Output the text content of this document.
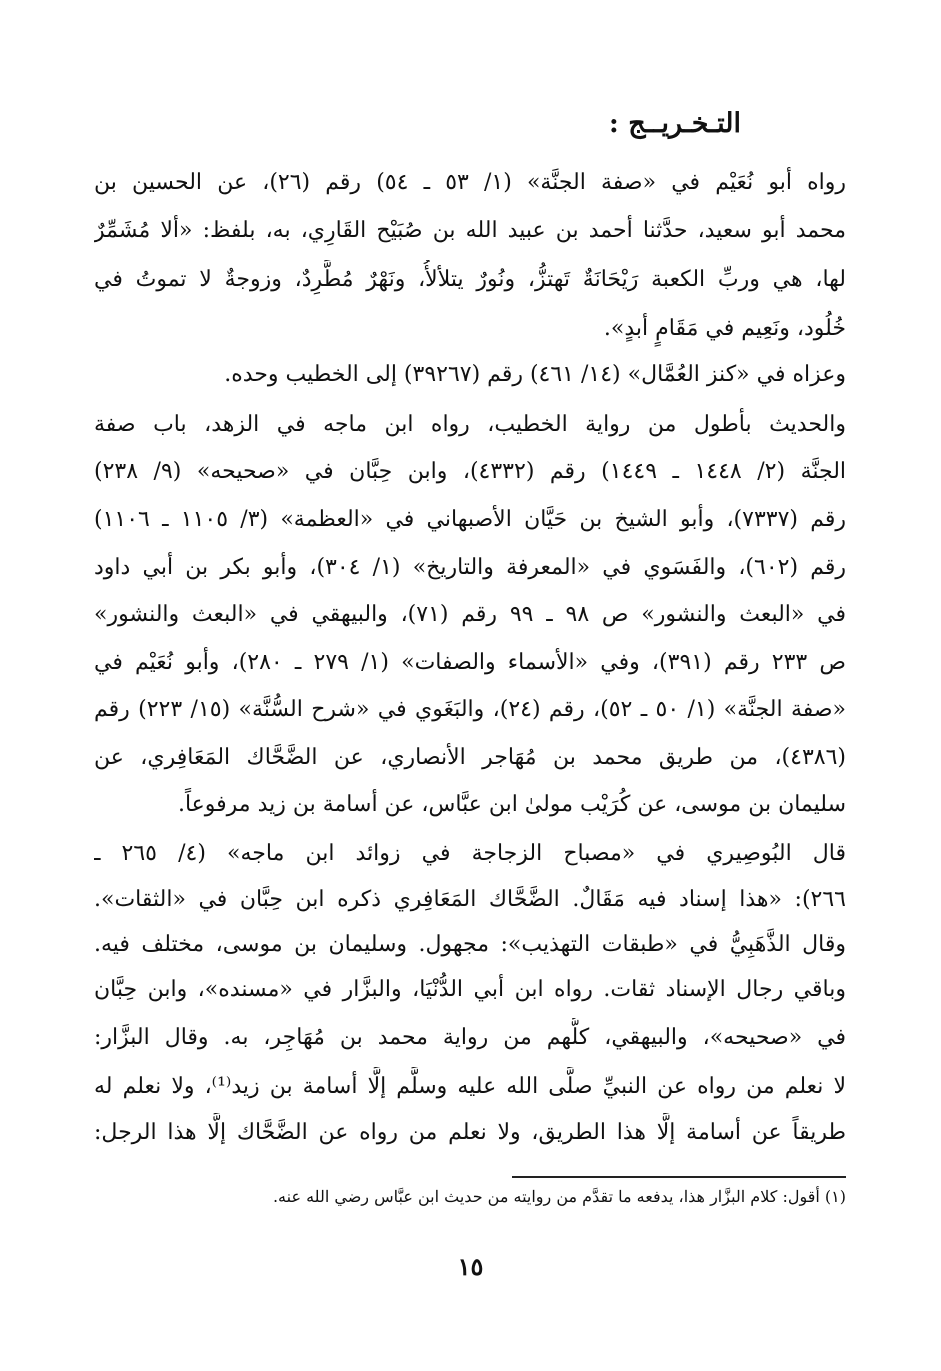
التـخـريــج :
رواه أبو نُعَيْم في «صفة الجنَّة» (١/ ٥٣ ـ ٥٤) رقم (٢٦)، عن الحسين بن
محمد أبو سعيد، حدَّثنا أحمد بن عبيد الله بن صُبَيْح القَارِي، به، بلفظ: «ألا مُشَمِّرٌ
لها، هي وربِّ الكعبة رَيْحَانَةٌ تَهتزُّ، ونُورٌ يتلألأُ، ونَهْرٌ مُطَّرِدٌ، وزوجةٌ لا تموتُ في
خُلُود، ونَعِيم في مَقَامٍ أبدٍ».
وعزاه في «كنز العُمَّال» (١٤/ ٤٦١) رقم (٣٩٢٦٧) إلى الخطيب وحده.
والحديث بأطول من رواية الخطيب، رواه ابن ماجه في الزهد، باب صفة
الجنَّة (٢/ ١٤٤٨ ـ ١٤٤٩) رقم (٤٣٣٢)، وابن حِبَّان في «صحيحه» (٩/ ٢٣٨)
رقم (٧٣٣٧)، وأبو الشيخ بن حَيَّان الأصبهاني في «العظمة» (٣/ ١١٠٥ ـ ١١٠٦)
رقم (٦٠٢)، والفَسَوي في «المعرفة والتاريخ» (١/ ٣٠٤)، وأبو بكر بن أبي داود
في «البعث والنشور» ص ٩٨ ـ ٩٩ رقم (٧١)، والبيهقي في «البعث والنشور»
ص ٢٣٣ رقم (٣٩١)، وفي «الأسماء والصفات» (١/ ٢٧٩ ـ ٢٨٠)، وأبو نُعَيْم في
«صفة الجنَّة» (١/ ٥٠ ـ ٥٢)، رقم (٢٤)، والبَغَوي في «شرح السُّنَّة» (١٥/ ٢٢٣) رقم
(٤٣٨٦)، من طريق محمد بن مُهَاجر الأنصاري، عن الضَّحَّاك المَعَافِري، عن
سليمان بن موسى، عن كُرَيْب مولىٰ ابن عبَّاس، عن أسامة بن زيد مرفوعاً.
قال البُوصِيري في «مصباح الزجاجة في زوائد ابن ماجه» (٤/ ٢٦٥ ـ
٢٦٦): «هذا إسناد فيه مَقَالٌ. الضَّحَّاك المَعَافِري ذكره ابن حِبَّان في «الثقات».
وقال الذَّهَبِيُّ في «طبقات التهذيب»: مجهول. وسليمان بن موسى، مختلف فيه.
وباقي رجال الإسناد ثقات. رواه ابن أبي الدُّنْيَا، والبزَّار في «مسنده»، وابن حِبَّان
في «صحيحه»، والبيهقي، كلُّهم من رواية محمد بن مُهَاجِر، به. وقال البزَّار:
لا نعلم من رواه عن النبيِّ صلَّى الله عليه وسلَّم إلَّا أسامة بن زيد⁽¹⁾، ولا نعلم له
طريقاً عن أسامة إلَّا هذا الطريق، ولا نعلم من رواه عن الضَّحَّاك إلَّا هذا الرجل:
(١) أقول: كلام البزَّار هذا، يدفعه ما تقدَّم من روايته من حديث ابن عبَّاس رضي الله عنه.
١٥
